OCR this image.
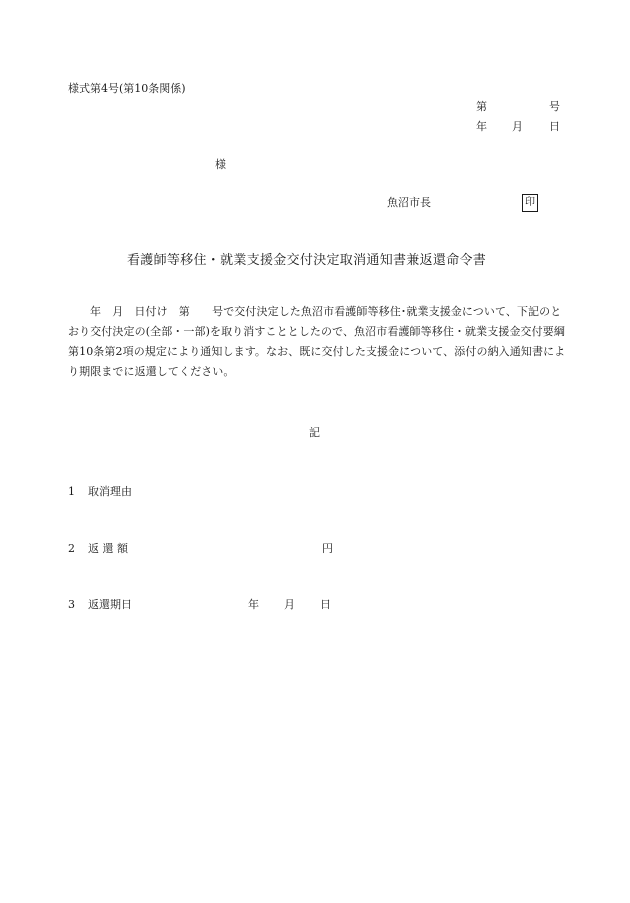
様式第4号(第10条関係)
第	号
年 月 日
様
魚沼市長	印
看護師等移住・就業支援金交付決定取消通知書兼返還命令書
年　月　日付け　第　　号で交付決定した魚沼市看護師等移住･就業支援金について、下記のとおり交付決定の(全部・一部)を取り消すこととしたので、魚沼市看護師等移住・就業支援金交付要綱第10条第2項の規定により通知します。なお、既に交付した支援金について、添付の納入通知書により期限までに返還してください。
記
1 取消理由
2 返 還 額	円
3 返還期日	年 月 日
